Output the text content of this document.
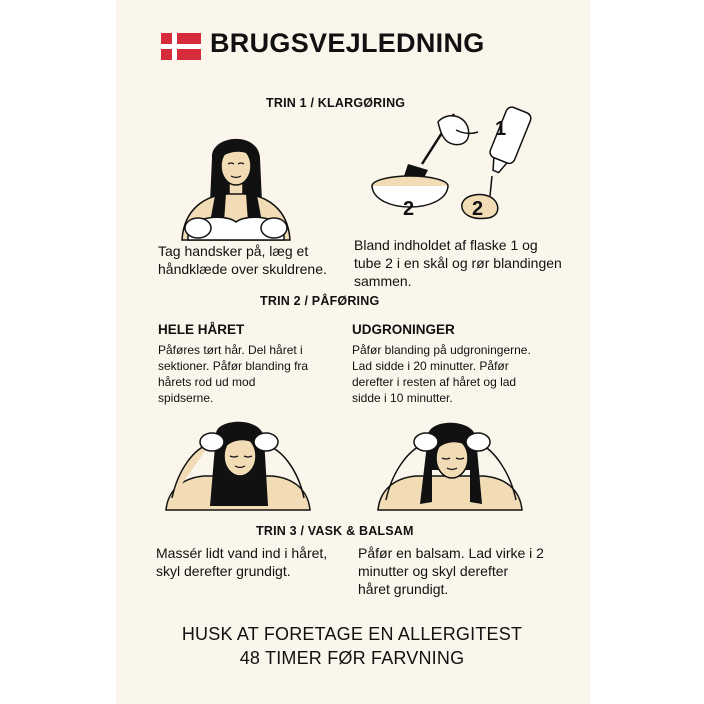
BRUGSVEJLEDNING
TRIN 1 / KLARGØRING
1
2	2
Tag handsker på, læg et
håndklæde over skuldrene.
Bland indholdet af flaske 1 og
tube 2 i en skål og rør blandingen
sammen.
TRIN 2 / PÅFØRING
HELE HÅRET
Påføres tørt hår. Del håret i
sektioner. Påfør blanding fra
hårets rod ud mod
spidserne.
UDGRONINGER
Påfør blanding på udgroningerne.
Lad sidde i 20 minutter. Påfør
derefter i resten af håret og lad
sidde i 10 minutter.
TRIN 3 / VASK & BALSAM
Massér lidt vand ind i håret,
skyl derefter grundigt.
Påfør en balsam. Lad virke i 2
minutter og skyl derefter
håret grundigt.
HUSK AT FORETAGE EN ALLERGITEST
48 TIMER FØR FARVNING
